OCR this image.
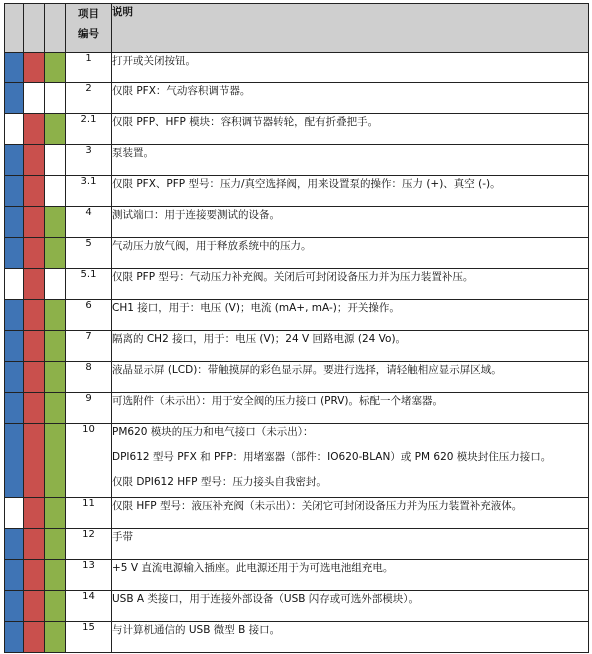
			项目
编号	说明
			1	打开或关闭按钮。

			2	仅限 PFX：气动容积调节器。

			2.1	仅限 PFP、HFP 模块：容积调节器转轮，配有折叠把手。

			3	泵装置。

			3.1	仅限 PFX、PFP 型号：压力/真空选择阀，用来设置泵的操作：压力 (+)、真空 (-)。

			4	测试端口：用于连接要测试的设备。

			5	气动压力放气阀，用于释放系统中的压力。

			5.1	仅限 PFP 型号：气动压力补充阀。关闭后可封闭设备压力并为压力装置补压。

			6	CH1 接口，用于：电压 (V)；电流 (mA+, mA-)；开关操作。

			7	隔离的 CH2 接口，用于：电压 (V)；24 V 回路电源 (24 Vo)。

			8	液晶显示屏 (LCD)：带触摸屏的彩色显示屏。要进行选择，请轻触相应显示屏区域。

			9	可选附件（未示出）：用于安全阀的压力接口 (PRV)。标配一个堵塞器。

			10	PM620 模块的压力和电气接口（未示出）：

DPI612 型号 PFX 和 PFP：用堵塞器（部件：IO620-BLAN）或 PM 620 模块封住压力接口。

仅限 DPI612 HFP 型号：压力接头自我密封。

			11	仅限 HFP 型号：液压补充阀（未示出）：关闭它可封闭设备压力并为压力装置补充液体。

			12	手带

			13	+5 V 直流电源输入插座。此电源还用于为可选电池组充电。

			14	USB A 类接口，用于连接外部设备（USB 闪存或可选外部模块）。

			15	与计算机通信的 USB 微型 B 接口。
